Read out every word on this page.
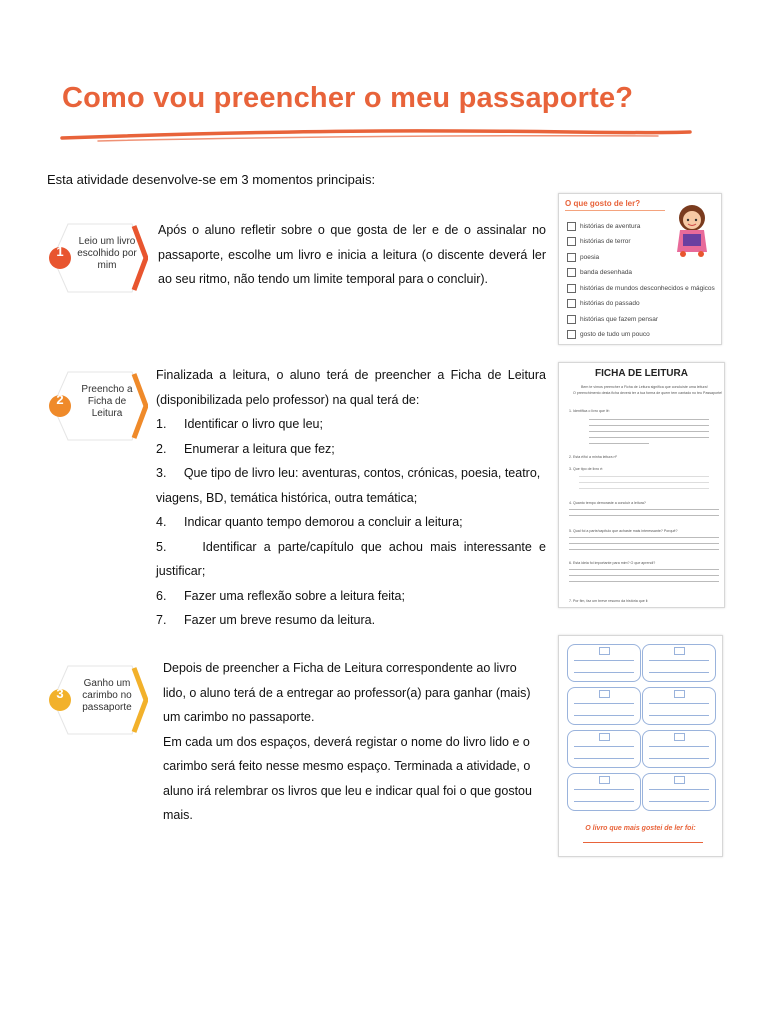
Como vou preencher o meu passaporte?
Esta atividade desenvolve-se em 3 momentos principais:
1
Leio um livro escolhido por mim
Após o aluno refletir sobre o que gosta de ler e de o assinalar no passaporte, escolhe um livro e inicia a leitura (o discente deverá ler ao seu ritmo, não tendo um limite temporal para o concluir).
O que gosto de ler?
histórias de aventura
histórias de terror
poesia
banda desenhada
histórias de mundos desconhecidos e mágicos
histórias do passado
histórias que fazem pensar
gosto de tudo um pouco
2
Preencho a Ficha de Leitura
Finalizada a leitura, o aluno terá de preencher a Ficha de Leitura (disponibilizada pelo professor) na qual terá de:
1. Identificar o livro que leu;
2. Enumerar a leitura que fez;
3. Que tipo de livro leu: aventuras, contos, crónicas, poesia, teatro, viagens, BD, temática histórica, outra temática;
4. Indicar quanto tempo demorou a concluir a leitura;
5.	Identificar a parte/capítulo que achou mais interessante e justificar;
6. Fazer uma reflexão sobre a leitura feita;
7. Fazer um breve resumo da leitura.
FICHA DE LEITURA
Bem te vimos preencher a Ficha de Leitura significa que concluíste uma leitura!
O preenchimento desta ficha deverá ter a tua forma de quem tem cantado no teu Passaporte!
1. Identifica o livro que lê:
2. Esta é/foi a minha leitura nº
3. Que tipo de livro é:
4. Quanto tempo demoraste a concluir a leitura?
5. Qual foi a parte/capítulo que achaste mais interessante? Porquê?
6. Esta ideia foi importante para mim? O que aprendi?
7. Por fim, faz um breve resumo da história que li:
3
Ganho um carimbo no passaporte
Depois de preencher a Ficha de Leitura correspondente ao livro lido, o aluno terá de a entregar ao professor(a) para ganhar (mais) um carimbo no passaporte.
Em cada um dos espaços, deverá registar o nome do livro lido e o carimbo será feito nesse mesmo espaço. Terminada a atividade, o aluno irá relembrar os livros que leu e indicar qual foi o que gostou mais.
O livro que mais gostei de ler foi:
